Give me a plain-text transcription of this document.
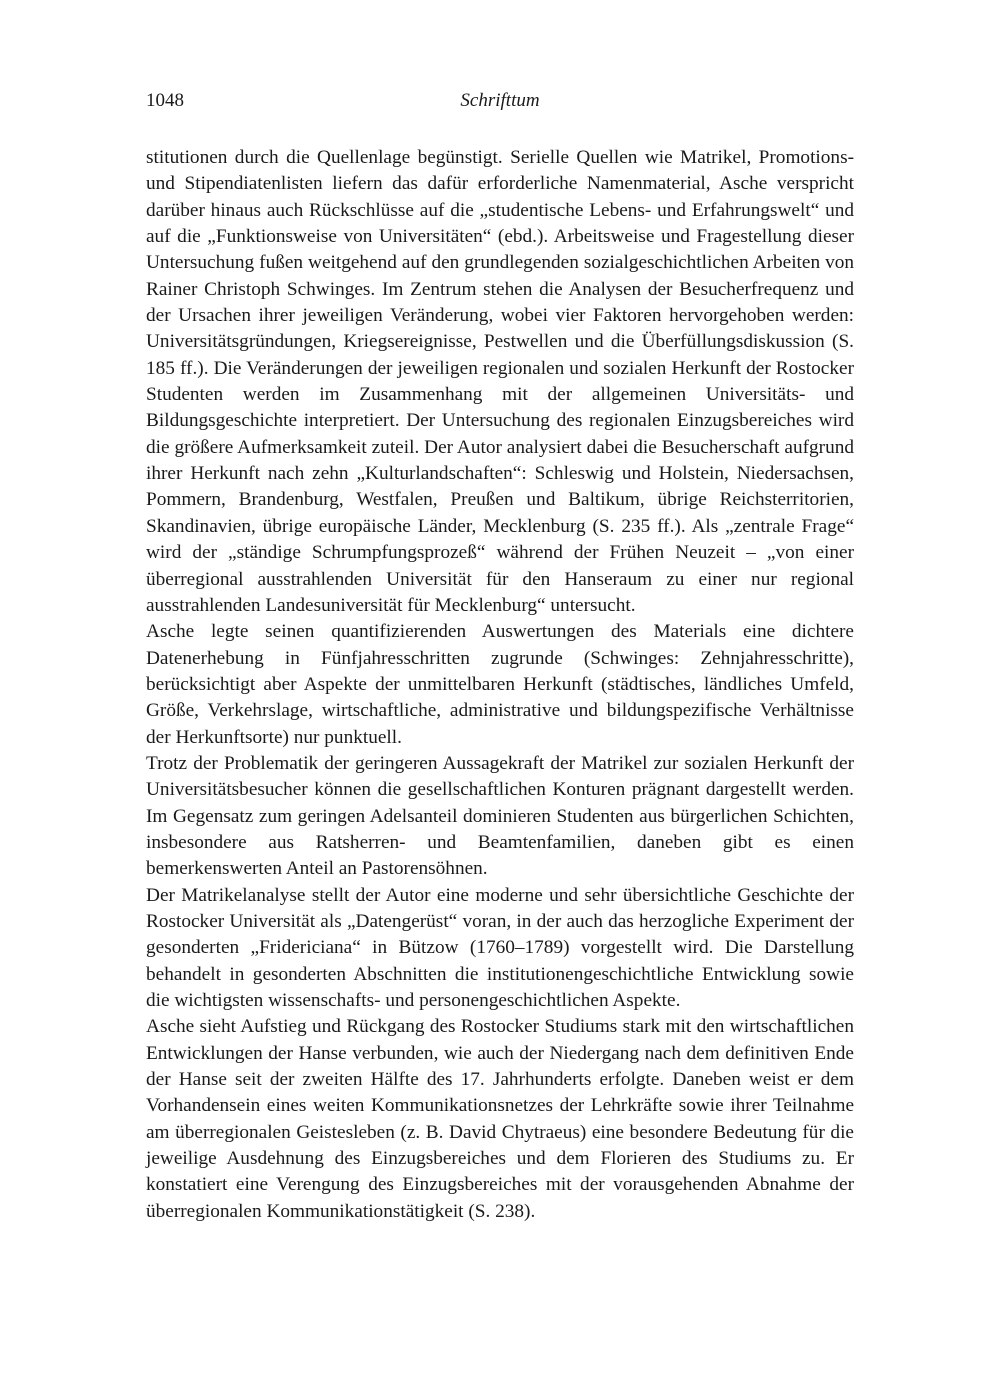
1048	Schrifttum

stitutionen durch die Quellenlage begünstigt. Serielle Quellen wie Matrikel, Promotions- und Stipendiatenlisten liefern das dafür erforderliche Namenmaterial, Asche verspricht darüber hinaus auch Rückschlüsse auf die „studentische Lebens- und Erfahrungswelt“ und auf die „Funktionsweise von Universitäten“ (ebd.). Arbeitsweise und Fragestellung dieser Untersuchung fußen weitgehend auf den grundlegenden sozialgeschichtlichen Arbeiten von Rainer Christoph Schwinges. Im Zentrum stehen die Analysen der Besucherfrequenz und der Ursachen ihrer jeweiligen Veränderung, wobei vier Faktoren hervorgehoben werden: Universitätsgründungen, Kriegsereignisse, Pestwellen und die Überfüllungsdiskussion (S. 185 ff.). Die Veränderungen der jeweiligen regionalen und sozialen Herkunft der Rostocker Studenten werden im Zusammenhang mit der allgemeinen Universitäts- und Bildungsgeschichte interpretiert. Der Untersuchung des regionalen Einzugsbereiches wird die größere Aufmerksamkeit zuteil. Der Autor analysiert dabei die Besucherschaft aufgrund ihrer Herkunft nach zehn „Kulturlandschaften“: Schleswig und Holstein, Niedersachsen, Pommern, Brandenburg, Westfalen, Preußen und Baltikum, übrige Reichsterritorien, Skandinavien, übrige europäische Länder, Mecklenburg (S. 235 ff.). Als „zentrale Frage“ wird der „ständige Schrumpfungsprozeß“ während der Frühen Neuzeit – „von einer überregional ausstrahlenden Universität für den Hanseraum zu einer nur regional ausstrahlenden Landesuniversität für Mecklenburg“ untersucht.

Asche legte seinen quantifizierenden Auswertungen des Materials eine dichtere Datenerhebung in Fünfjahresschritten zugrunde (Schwinges: Zehnjahresschritte), berücksichtigt aber Aspekte der unmittelbaren Herkunft (städtisches, ländliches Umfeld, Größe, Verkehrslage, wirtschaftliche, administrative und bildungspezifische Verhältnisse der Herkunftsorte) nur punktuell.

Trotz der Problematik der geringeren Aussagekraft der Matrikel zur sozialen Herkunft der Universitätsbesucher können die gesellschaftlichen Konturen prägnant dargestellt werden. Im Gegensatz zum geringen Adelsanteil dominieren Studenten aus bürgerlichen Schichten, insbesondere aus Ratsherren- und Beamtenfamilien, daneben gibt es einen bemerkenswerten Anteil an Pastorensöhnen.

Der Matrikelanalyse stellt der Autor eine moderne und sehr übersichtliche Geschichte der Rostocker Universität als „Datengerüst“ voran, in der auch das herzogliche Experiment der gesonderten „Fridericiana“ in Bützow (1760–1789) vorgestellt wird. Die Darstellung behandelt in gesonderten Abschnitten die institutionengeschichtliche Entwicklung sowie die wichtigsten wissenschafts- und personengeschichtlichen Aspekte.

Asche sieht Aufstieg und Rückgang des Rostocker Studiums stark mit den wirtschaftlichen Entwicklungen der Hanse verbunden, wie auch der Niedergang nach dem definitiven Ende der Hanse seit der zweiten Hälfte des 17. Jahrhunderts erfolgte. Daneben weist er dem Vorhandensein eines weiten Kommunikationsnetzes der Lehrkräfte sowie ihrer Teilnahme am überregionalen Geistesleben (z. B. David Chytraeus) eine besondere Bedeutung für die jeweilige Ausdehnung des Einzugsbereiches und dem Florieren des Studiums zu. Er konstatiert eine Verengung des Einzugsbereiches mit der vorausgehenden Abnahme der überregionalen Kommunikationstätigkeit (S. 238).
